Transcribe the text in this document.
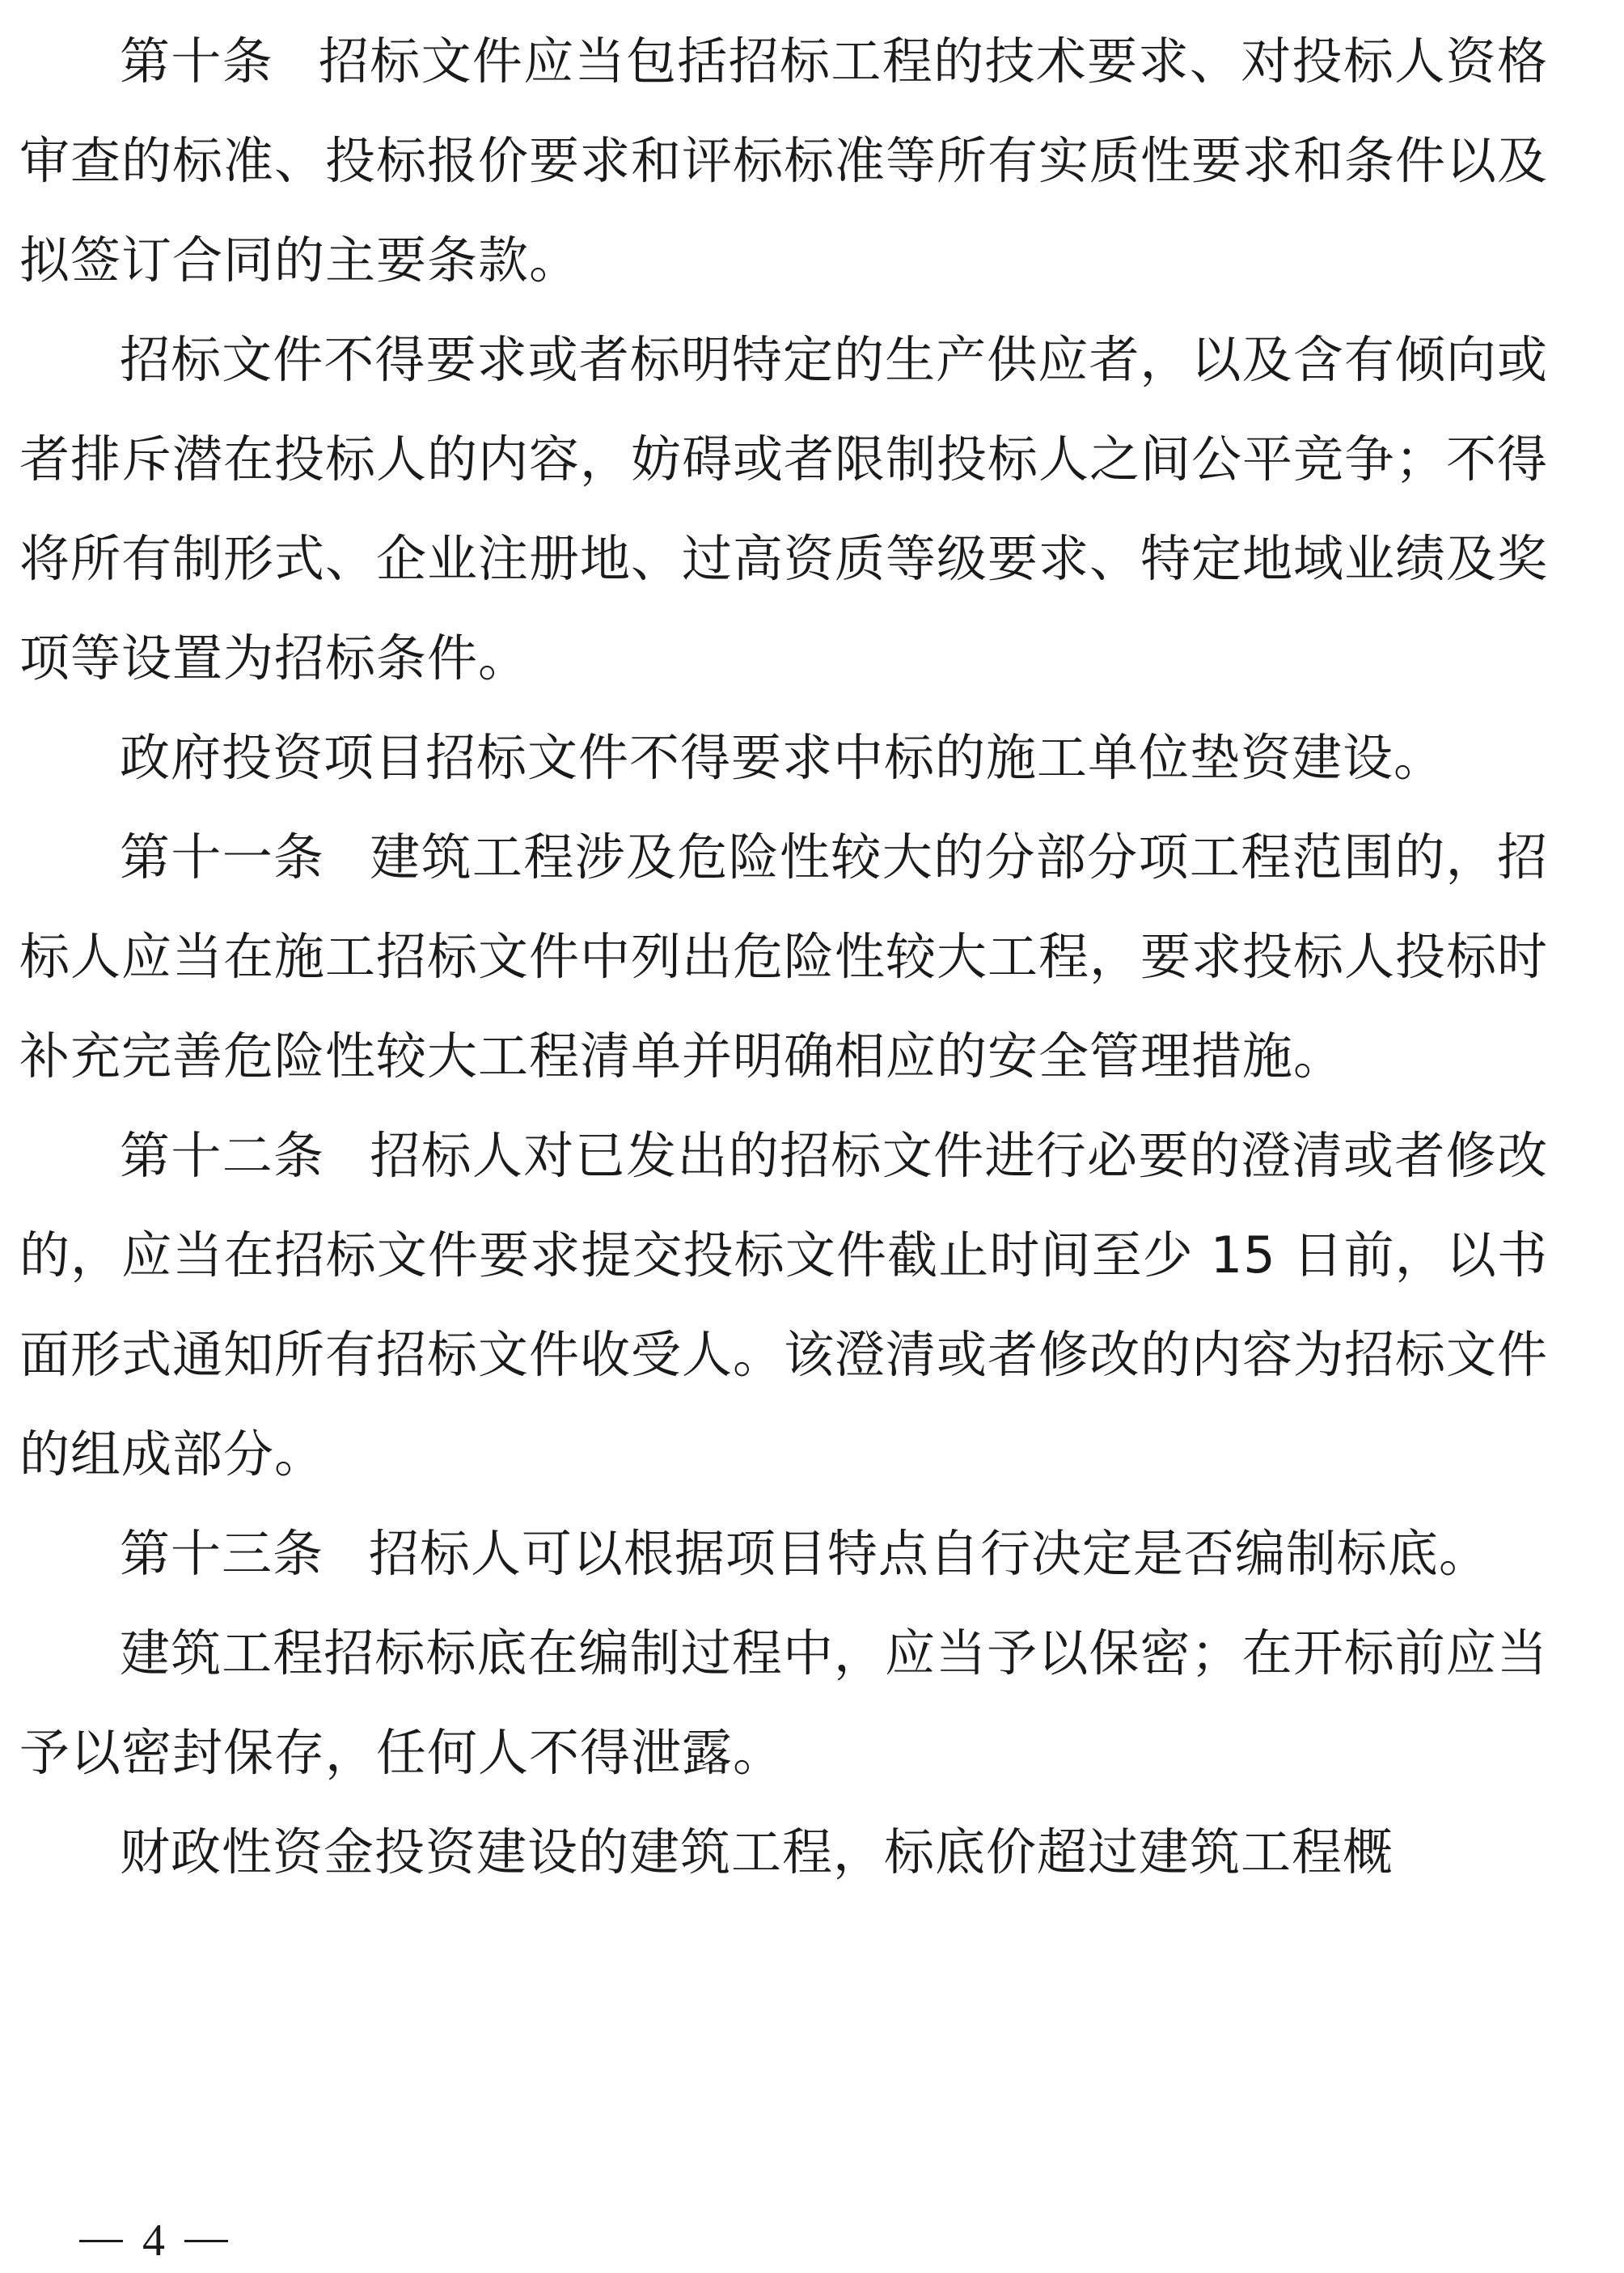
第十条 招标文件应当包括招标工程的技术要求、对投标人资格审查的标准、投标报价要求和评标标准等所有实质性要求和条件以及拟签订合同的主要条款。

招标文件不得要求或者标明特定的生产供应者，以及含有倾向或者排斥潜在投标人的内容，妨碍或者限制投标人之间公平竞争；不得将所有制形式、企业注册地、过高资质等级要求、特定地域业绩及奖项等设置为招标条件。

政府投资项目招标文件不得要求中标的施工单位垫资建设。

第十一条 建筑工程涉及危险性较大的分部分项工程范围的，招标人应当在施工招标文件中列出危险性较大工程，要求投标人投标时补充完善危险性较大工程清单并明确相应的安全管理措施。

第十二条 招标人对已发出的招标文件进行必要的澄清或者修改的，应当在招标文件要求提交投标文件截止时间至少 15 日前，以书面形式通知所有招标文件收受人。该澄清或者修改的内容为招标文件的组成部分。

第十三条 招标人可以根据项目特点自行决定是否编制标底。

建筑工程招标标底在编制过程中，应当予以保密；在开标前应当予以密封保存，任何人不得泄露。

财政性资金投资建设的建筑工程，标底价超过建筑工程概

4
